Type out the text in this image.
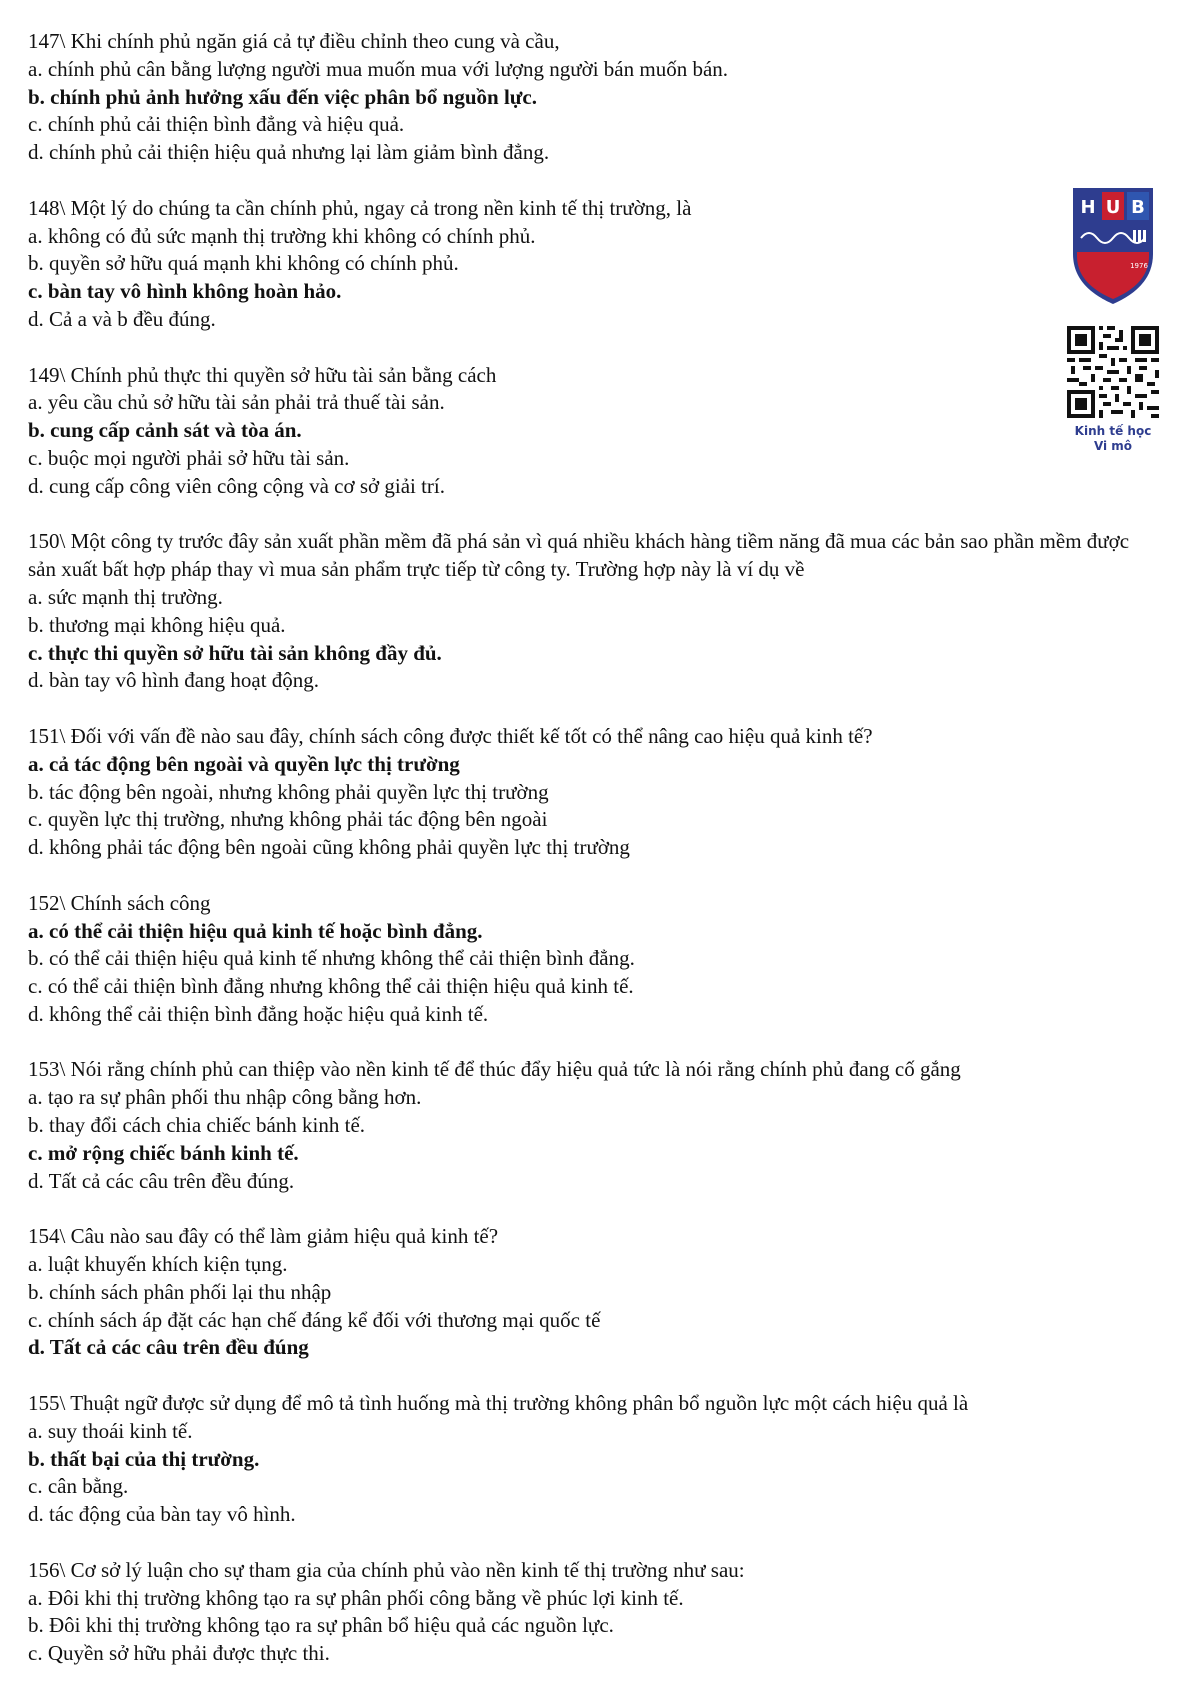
147\ Khi chính phủ ngăn giá cả tự điều chỉnh theo cung và cầu,
a. chính phủ cân bằng lượng người mua muốn mua với lượng người bán muốn bán.
b. chính phủ ảnh hưởng xấu đến việc phân bổ nguồn lực.
c. chính phủ cải thiện bình đẳng và hiệu quả.
d. chính phủ cải thiện hiệu quả nhưng lại làm giảm bình đẳng.
148\ Một lý do chúng ta cần chính phủ, ngay cả trong nền kinh tế thị trường, là
a. không có đủ sức mạnh thị trường khi không có chính phủ.
b. quyền sở hữu quá mạnh khi không có chính phủ.
c. bàn tay vô hình không hoàn hảo.
d. Cả a và b đều đúng.
149\ Chính phủ thực thi quyền sở hữu tài sản bằng cách
a. yêu cầu chủ sở hữu tài sản phải trả thuế tài sản.
b. cung cấp cảnh sát và tòa án.
c. buộc mọi người phải sở hữu tài sản.
d. cung cấp công viên công cộng và cơ sở giải trí.
150\ Một công ty trước đây sản xuất phần mềm đã phá sản vì quá nhiều khách hàng tiềm năng đã mua các bản sao phần mềm được sản xuất bất hợp pháp thay vì mua sản phẩm trực tiếp từ công ty. Trường hợp này là ví dụ về
a. sức mạnh thị trường.
b. thương mại không hiệu quả.
c. thực thi quyền sở hữu tài sản không đầy đủ.
d. bàn tay vô hình đang hoạt động.
151\ Đối với vấn đề nào sau đây, chính sách công được thiết kế tốt có thể nâng cao hiệu quả kinh tế?
a. cả tác động bên ngoài và quyền lực thị trường
b. tác động bên ngoài, nhưng không phải quyền lực thị trường
c. quyền lực thị trường, nhưng không phải tác động bên ngoài
d. không phải tác động bên ngoài cũng không phải quyền lực thị trường
152\ Chính sách công
a. có thể cải thiện hiệu quả kinh tế hoặc bình đẳng.
b. có thể cải thiện hiệu quả kinh tế nhưng không thể cải thiện bình đẳng.
c. có thể cải thiện bình đẳng nhưng không thể cải thiện hiệu quả kinh tế.
d. không thể cải thiện bình đẳng hoặc hiệu quả kinh tế.
153\ Nói rằng chính phủ can thiệp vào nền kinh tế để thúc đẩy hiệu quả tức là nói rằng chính phủ đang cố gắng
a. tạo ra sự phân phối thu nhập công bằng hơn.
b. thay đổi cách chia chiếc bánh kinh tế.
c. mở rộng chiếc bánh kinh tế.
d. Tất cả các câu trên đều đúng.
154\ Câu nào sau đây có thể làm giảm hiệu quả kinh tế?
a. luật khuyến khích kiện tụng.
b. chính sách phân phối lại thu nhập
c. chính sách áp đặt các hạn chế đáng kể đối với thương mại quốc tế
d. Tất cả các câu trên đều đúng
155\ Thuật ngữ được sử dụng để mô tả tình huống mà thị trường không phân bổ nguồn lực một cách hiệu quả là
a. suy thoái kinh tế.
b. thất bại của thị trường.
c. cân bằng.
d. tác động của bàn tay vô hình.
156\ Cơ sở lý luận cho sự tham gia của chính phủ vào nền kinh tế thị trường như sau:
a. Đôi khi thị trường không tạo ra sự phân phối công bằng về phúc lợi kinh tế.
b. Đôi khi thị trường không tạo ra sự phân bổ hiệu quả các nguồn lực.
c. Quyền sở hữu phải được thực thi.
H U B
1976
Kinh tế học
Vi mô
